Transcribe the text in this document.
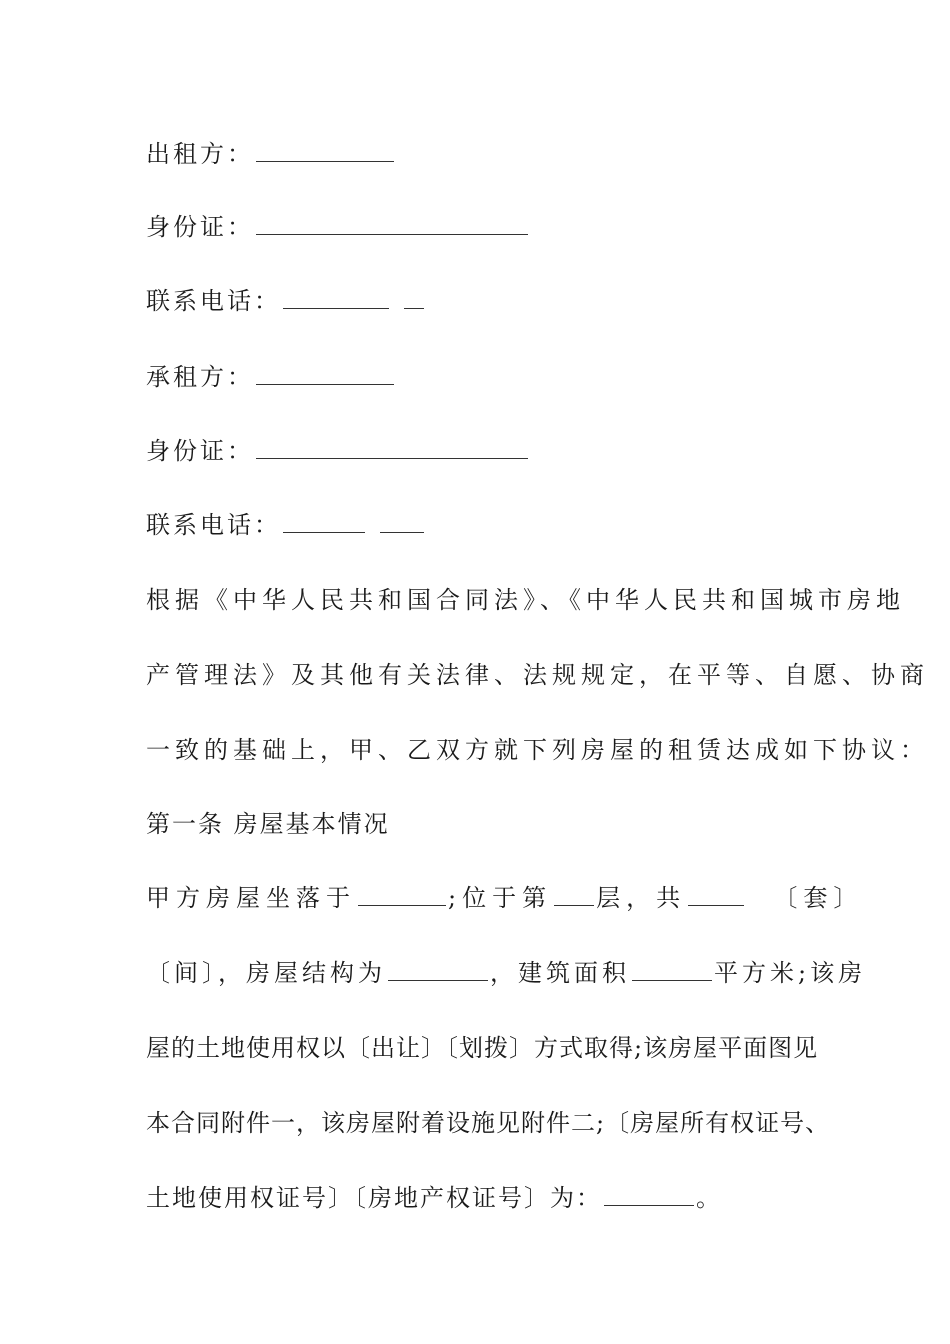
出租方：
身份证：
联系电话：
承租方：
身份证：
联系电话：
根据《中华人民共和国合同法》、《中华人民共和国城市房地
产管理法》及其他有关法律、法规规定，在平等、自愿、协商
一致的基础上，甲、乙双方就下列房屋的租赁达成如下协议：
第一条 房屋基本情况
甲方房屋坐落于	;位于第 层，共	〔套〕
〔间〕，房屋结构为	，建筑面积	平方米;该房
屋的土地使用权以〔出让〕〔划拨〕方式取得;该房屋平面图见
本合同附件一，该房屋附着设施见附件二;〔房屋所有权证号、
土地使用权证号〕〔房地产权证号〕为：	。
